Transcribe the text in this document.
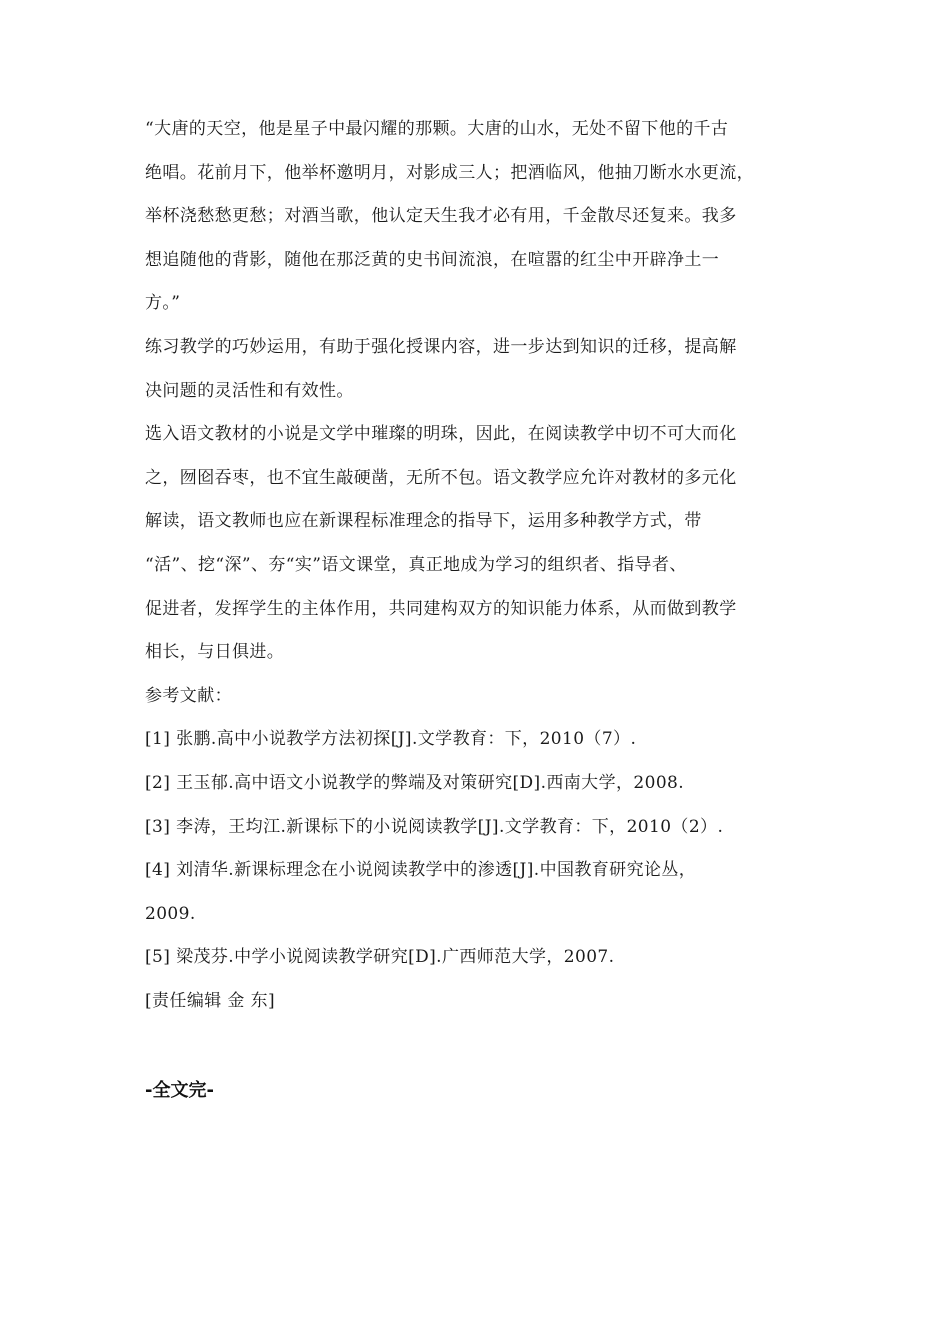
“大唐的天空，他是星子中最闪耀的那颗。大唐的山水，无处不留下他的千古
绝唱。花前月下，他举杯邀明月，对影成三人；把酒临风，他抽刀断水水更流，
举杯浇愁愁更愁；对酒当歌，他认定天生我才必有用，千金散尽还复来。我多
想追随他的背影，随他在那泛黄的史书间流浪，在喧嚣的红尘中开辟净土一
方。”
练习教学的巧妙运用，有助于强化授课内容，进一步达到知识的迁移，提高解
决问题的灵活性和有效性。
选入语文教材的小说是文学中璀璨的明珠，因此，在阅读教学中切不可大而化
之，囫囵吞枣，也不宜生敲硬凿，无所不包。语文教学应允许对教材的多元化
解读，语文教师也应在新课程标准理念的指导下，运用多种教学方式，带
“活”、挖“深”、夯“实”语文课堂，真正地成为学习的组织者、指导者、
促进者，发挥学生的主体作用，共同建构双方的知识能力体系，从而做到教学
相长，与日俱进。
参考文献：
[1] 张鹏.高中小说教学方法初探[J].文学教育：下，2010（7）.
[2] 王玉郁.高中语文小说教学的弊端及对策研究[D].西南大学，2008.
[3] 李涛，王均江.新课标下的小说阅读教学[J].文学教育：下，2010（2）.
[4] 刘清华.新课标理念在小说阅读教学中的渗透[J].中国教育研究论丛，
2009.
[5] 梁茂芬.中学小说阅读教学研究[D].广西师范大学，2007.
[责任编辑 金 东]
-全文完-
